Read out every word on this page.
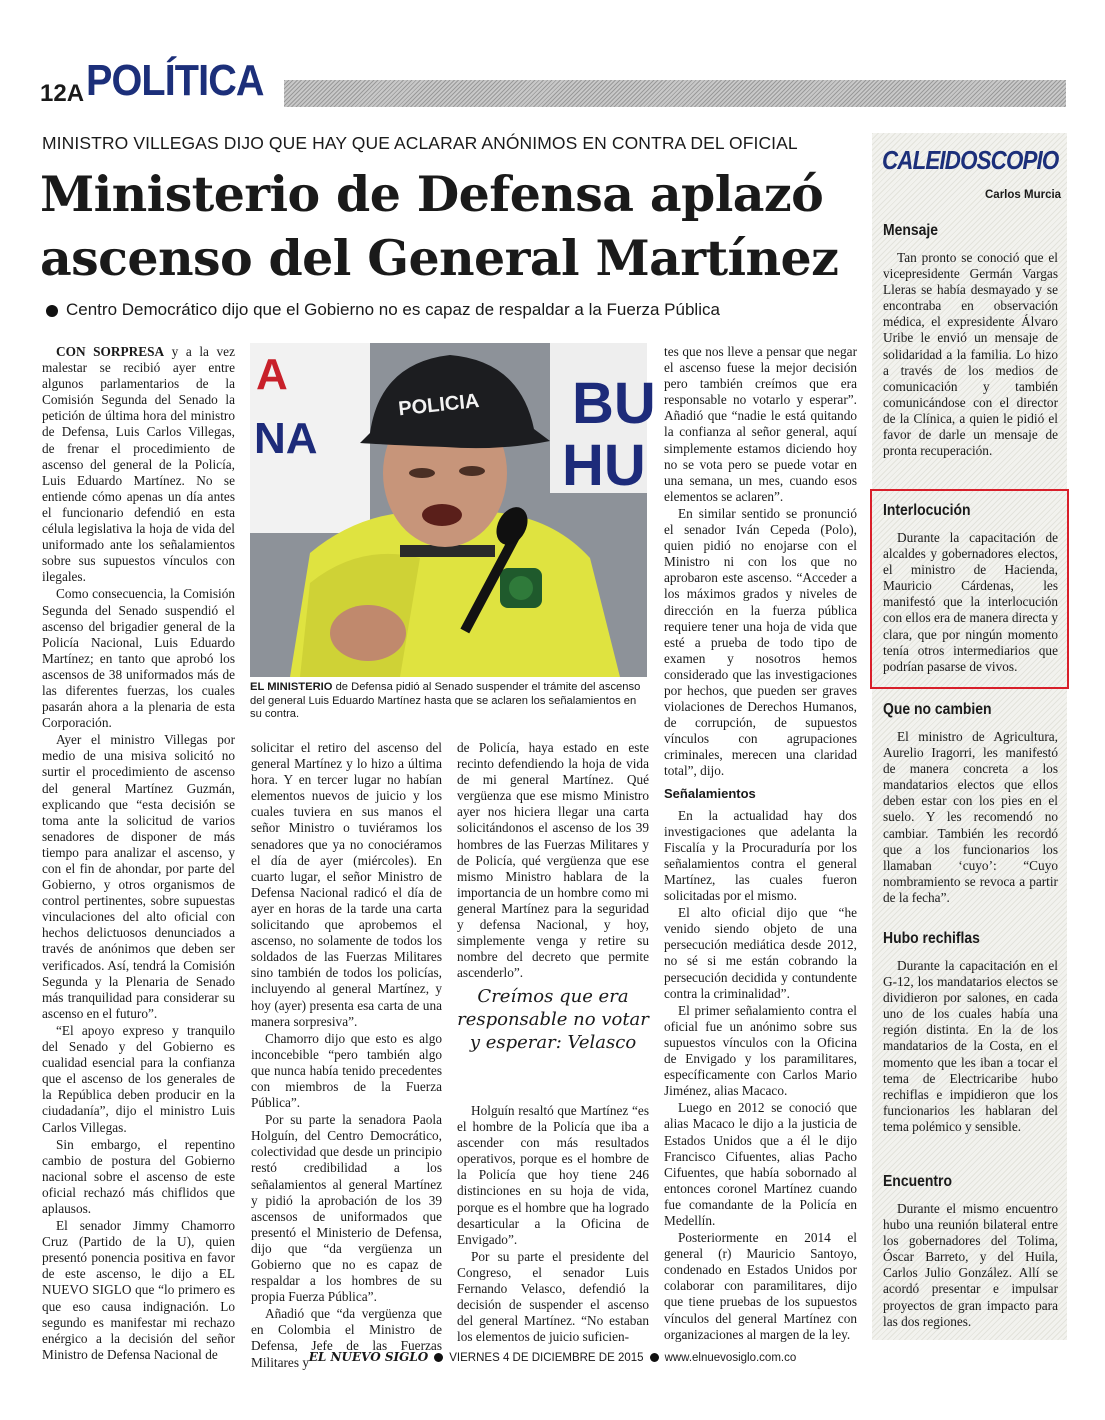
12A POLÍTICA
MINISTRO VILLEGAS DIJO QUE HAY QUE ACLARAR ANÓNIMOS EN CONTRA DEL OFICIAL
Ministerio de Defensa aplazó
ascenso del General Martínez
Centro Democrático dijo que el Gobierno no es capaz de respaldar a la Fuerza Pública

CON SORPRESA y a la vez malestar se recibió ayer entre algunos parlamentarios de la Comisión Segunda del Senado la petición de última hora del ministro de Defensa, Luis Carlos Villegas, de frenar el procedimiento de ascenso del general de la Policía, Luis Eduardo Martínez. No se entiende cómo apenas un día antes el funcionario defendió en esta célula legislativa la hoja de vida del uniformado ante los señalamientos sobre sus supuestos vínculos con ilegales.

Como consecuencia, la Comisión Segunda del Senado suspendió el ascenso del brigadier general de la Policía Nacional, Luis Eduardo Martínez; en tanto que aprobó los ascensos de 38 uniformados más de las diferentes fuerzas, los cuales pasarán ahora a la plenaria de esta Corporación.

Ayer el ministro Villegas por medio de una misiva solicitó no surtir el procedimiento de ascenso del general Martínez Guzmán, explicando que “esta decisión se toma ante la solicitud de varios senadores de disponer de más tiempo para analizar el ascenso, y con el fin de ahondar, por parte del Gobierno, y otros organismos de control pertinentes, sobre supuestas vinculaciones del alto oficial con hechos delictuosos denunciados a través de anónimos que deben ser verificados. Así, tendrá la Comisión Segunda y la Plenaria de Senado más tranquilidad para considerar su ascenso en el futuro”.

“El apoyo expreso y tranquilo del Senado y del Gobierno es cualidad esencial para la confianza que el ascenso de los generales de la República deben producir en la ciudadanía”, dijo el ministro Luis Carlos Villegas.

Sin embargo, el repentino cambio de postura del Gobierno nacional sobre el ascenso de este oficial rechazó más chiflidos que aplausos.

El senador Jimmy Chamorro Cruz (Partido de la U), quien presentó ponencia positiva en favor de este ascenso, le dijo a EL NUEVO SIGLO que “lo primero es que eso causa indignación. Lo segundo es manifestar mi rechazo enérgico a la decisión del señor Ministro de Defensa Nacional de

A
NA
BU
HU
POLICIA
EL MINISTERIO de Defensa pidió al Senado suspender el trámite del ascenso del general Luis Eduardo Martínez hasta que se aclaren los señalamientos en su contra.

solicitar el retiro del ascenso del general Martínez y lo hizo a última hora. Y en tercer lugar no habían elementos nuevos de juicio y los cuales tuviera en sus manos el señor Ministro o tuviéramos los senadores que ya no conociéramos el día de ayer (miércoles). En cuarto lugar, el señor Ministro de Defensa Nacional radicó el día de ayer en horas de la tarde una carta solicitando que aprobemos el ascenso, no solamente de todos los soldados de las Fuerzas Militares sino también de todos los policías, incluyendo al general Martínez, y hoy (ayer) presenta esa carta de una manera sorpresiva”.

Chamorro dijo que esto es algo inconcebible “pero también algo que nunca había tenido precedentes con miembros de la Fuerza Pública”.

Por su parte la senadora Paola Holguín, del Centro Democrático, colectividad que desde un principio restó credibilidad a los señalamientos al general Martínez y pidió la aprobación de los 39 ascensos de uniformados que presentó el Ministerio de Defensa, dijo que “da vergüenza un Gobierno que no es capaz de respaldar a los hombres de su propia Fuerza Pública”.

Añadió que “da vergüenza que en Colombia el Ministro de Defensa, Jefe de las Fuerzas Militares y

de Policía, haya estado en este recinto defendiendo la hoja de vida de mi general Martínez. Qué vergüenza que ese mismo Ministro ayer nos hiciera llegar una carta solicitándonos el ascenso de los 39 hombres de las Fuerzas Militares y de Policía, qué vergüenza que ese mismo Ministro hablara de la importancia de un hombre como mi general Martínez para la seguridad y defensa Nacional, y hoy, simplemente venga y retire su nombre del decreto que permite ascenderlo”.

Creímos que era responsable no votar y esperar: Velasco

Holguín resaltó que Martínez “es el hombre de la Policía que iba a ascender con más resultados operativos, porque es el hombre de la Policía que hoy tiene 246 distinciones en su hoja de vida, porque es el hombre que ha logrado desarticular a la Oficina de Envigado”.

Por su parte el presidente del Congreso, el senador Luis Fernando Velasco, defendió la decisión de suspender el ascenso del general Martínez. “No estaban los elementos de juicio suficien-

tes que nos lleve a pensar que negar el ascenso fuese la mejor decisión pero también creímos que era responsable no votarlo y esperar”. Añadió que “nadie le está quitando la confianza al señor general, aquí simplemente estamos diciendo hoy no se vota pero se puede votar en una semana, un mes, cuando esos elementos se aclaren”.

En similar sentido se pronunció el senador Iván Cepeda (Polo), quien pidió no enojarse con el Ministro ni con los que no aprobaron este ascenso. “Acceder a los máximos grados y niveles de dirección en la fuerza pública requiere tener una hoja de vida que esté a prueba de todo tipo de examen y nosotros hemos considerado que las investigaciones por hechos, que pueden ser graves violaciones de Derechos Humanos, de corrupción, de supuestos vínculos con agrupaciones criminales, merecen una claridad total”, dijo.

Señalamientos

En la actualidad hay dos investigaciones que adelanta la Fiscalía y la Procuraduría por los señalamientos contra el general Martínez, las cuales fueron solicitadas por el mismo.

El alto oficial dijo que “he venido siendo objeto de una persecución mediática desde 2012, no sé si me están cobrando la persecución decidida y contundente contra la criminalidad”.

El primer señalamiento contra el oficial fue un anónimo sobre sus supuestos vínculos con la Oficina de Envigado y los paramilitares, específicamente con Carlos Mario Jiménez, alias Macaco.

Luego en 2012 se conoció que alias Macaco le dijo a la justicia de Estados Unidos que a él le dijo Francisco Cifuentes, alias Pacho Cifuentes, que había sobornado al entonces coronel Martínez cuando fue comandante de la Policía en Medellín.

Posteriormente en 2014 el general (r) Mauricio Santoyo, condenado en Estados Unidos por colaborar con paramilitares, dijo que tiene pruebas de los supuestos vínculos del general Martínez con organizaciones al margen de la ley.

CALEIDOSCOPIO
Carlos Murcia
Mensaje

Tan pronto se conoció que el vicepresidente Germán Vargas Lleras se había desmayado y se encontraba en observación médica, el expresidente Álvaro Uribe le envió un mensaje de solidaridad a la familia. Lo hizo a través de los medios de comunicación y también comunicándose con el director de la Clínica, a quien le pidió el favor de darle un mensaje de pronta recuperación.

Interlocución

Durante la capacitación de alcaldes y gobernadores electos, el ministro de Hacienda, Mauricio Cárdenas, les manifestó que la interlocución con ellos era de manera directa y clara, que por ningún momento tenía otros intermediarios que podrían pasarse de vivos.

Que no cambien

El ministro de Agricultura, Aurelio Iragorri, les manifestó de manera concreta a los mandatarios electos que ellos deben estar con los pies en el suelo. Y les recomendó no cambiar. También les recordó que a los funcionarios los llamaban ‘cuyo’: “Cuyo nombramiento se revoca a partir de la fecha”.

Hubo rechiflas

Durante la capacitación en el G-12, los mandatarios electos se dividieron por salones, en cada uno de los cuales había una región distinta. En la de los mandatarios de la Costa, en el momento que les iban a tocar el tema de Electricaribe hubo rechiflas e impidieron que los funcionarios les hablaran del tema polémico y sensible.

Encuentro

Durante el mismo encuentro hubo una reunión bilateral entre los gobernadores del Tolima, Óscar Barreto, y del Huila, Carlos Julio González. Allí se acordó presentar e impulsar proyectos de gran impacto para las dos regiones.

EL NUEVO SIGLO VIERNES 4 DE DICIEMBRE DE 2015 www.elnuevosiglo.com.co
